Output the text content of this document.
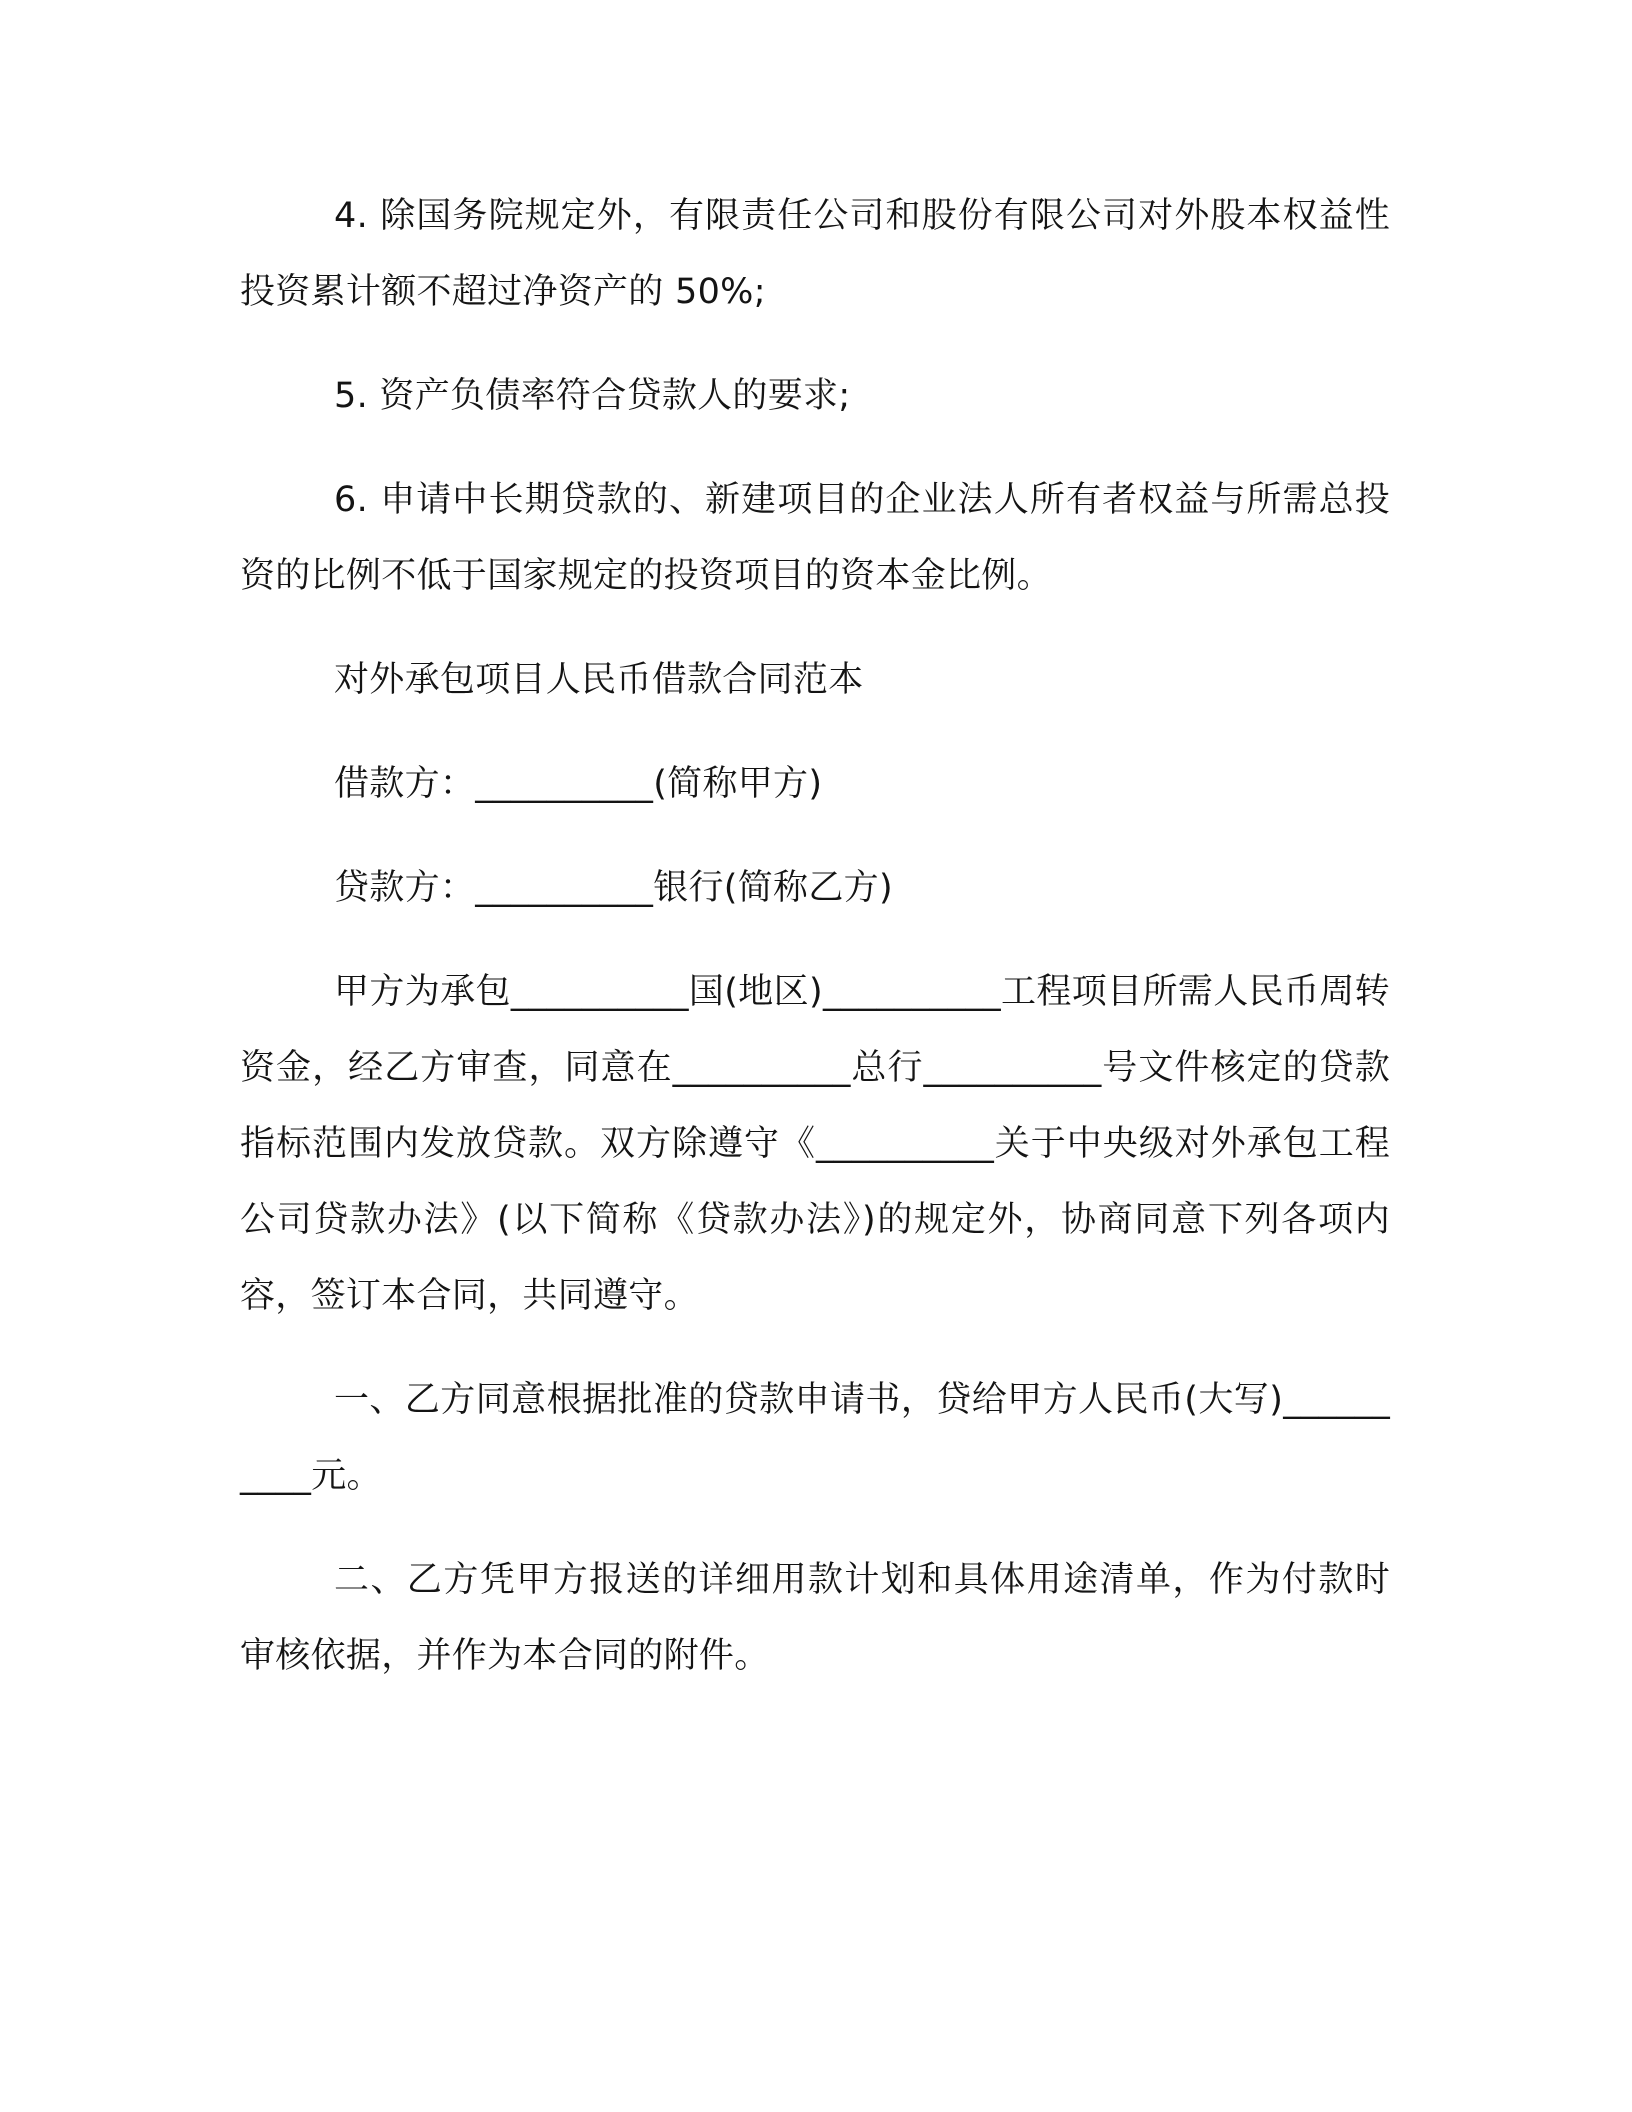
4. 除国务院规定外，有限责任公司和股份有限公司对外股本权益性投资累计额不超过净资产的 50%;

5. 资产负债率符合贷款人的要求;

6. 申请中长期贷款的、新建项目的企业法人所有者权益与所需总投资的比例不低于国家规定的投资项目的资本金比例。

对外承包项目人民币借款合同范本

借款方：__________(简称甲方)

贷款方：__________银行(简称乙方)

甲方为承包__________国(地区)__________工程项目所需人民币周转资金，经乙方审查，同意在__________总行__________号文件核定的贷款指标范围内发放贷款。双方除遵守《__________关于中央级对外承包工程公司贷款办法》(以下简称《贷款办法》)的规定外，协商同意下列各项内容，签订本合同，共同遵守。

一、乙方同意根据批准的贷款申请书，贷给甲方人民币(大写)__________元。

二、乙方凭甲方报送的详细用款计划和具体用途清单，作为付款时审核依据，并作为本合同的附件。
